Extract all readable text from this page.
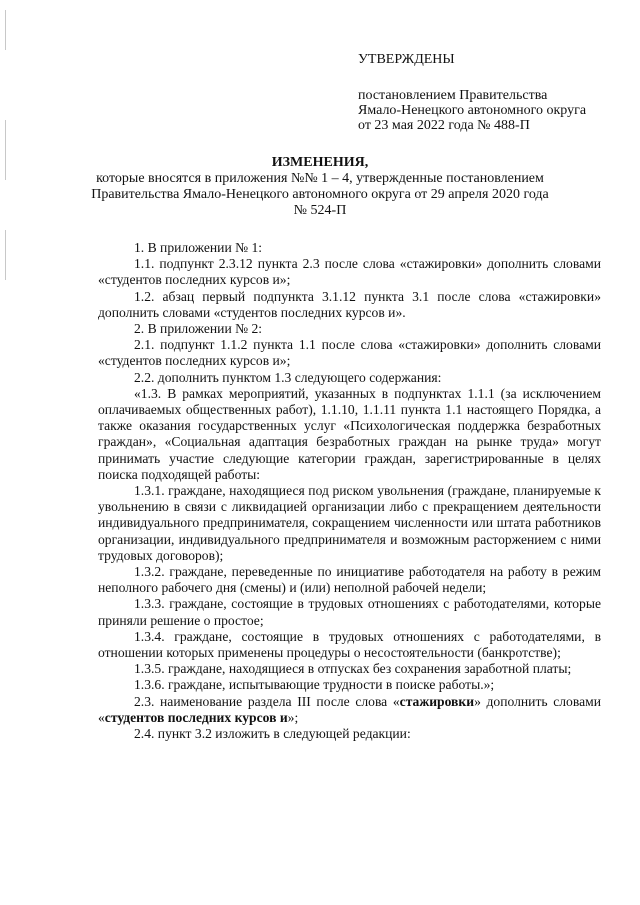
УТВЕРЖДЕНЫ

постановлением Правительства

Ямало-Ненецкого автономного округа

от 23 мая 2022 года № 488-П

ИЗМЕНЕНИЯ,

которые вносятся в приложения №№ 1 – 4, утвержденные постановлением

Правительства Ямало-Ненецкого автономного округа от 29 апреля 2020 года

№ 524-П

1. В приложении № 1:

1.1. подпункт 2.3.12 пункта 2.3 после слова «стажировки» дополнить словами «студентов последних курсов и»;

1.2. абзац первый подпункта 3.1.12 пункта 3.1 после слова «стажировки» дополнить словами «студентов последних курсов и».

2. В приложении № 2:

2.1. подпункт 1.1.2 пункта 1.1 после слова «стажировки» дополнить словами «студентов последних курсов и»;

2.2. дополнить пунктом 1.3 следующего содержания:

«1.3. В рамках мероприятий, указанных в подпунктах 1.1.1 (за исключением оплачиваемых общественных работ), 1.1.10, 1.1.11 пункта 1.1 настоящего Порядка, а также оказания государственных услуг «Психологическая поддержка безработных граждан», «Социальная адаптация безработных граждан на рынке труда» могут принимать участие следующие категории граждан, зарегистрированные в целях поиска подходящей работы:

1.3.1. граждане, находящиеся под риском увольнения (граждане, планируемые к увольнению в связи с ликвидацией организации либо с прекращением деятельности индивидуального предпринимателя, сокращением численности или штата работников организации, индивидуального предпринимателя и возможным расторжением с ними трудовых договоров);

1.3.2. граждане, переведенные по инициативе работодателя на работу в режим неполного рабочего дня (смены) и (или) неполной рабочей недели;

1.3.3. граждане, состоящие в трудовых отношениях с работодателями, которые приняли решение о простое;

1.3.4. граждане, состоящие в трудовых отношениях с работодателями, в отношении которых применены процедуры о несостоятельности (банкротстве);

1.3.5. граждане, находящиеся в отпусках без сохранения заработной платы;

1.3.6. граждане, испытывающие трудности в поиске работы.»;

2.3. наименование раздела III после слова «стажировки» дополнить словами «студентов последних курсов и»;

2.4. пункт 3.2 изложить в следующей редакции:
